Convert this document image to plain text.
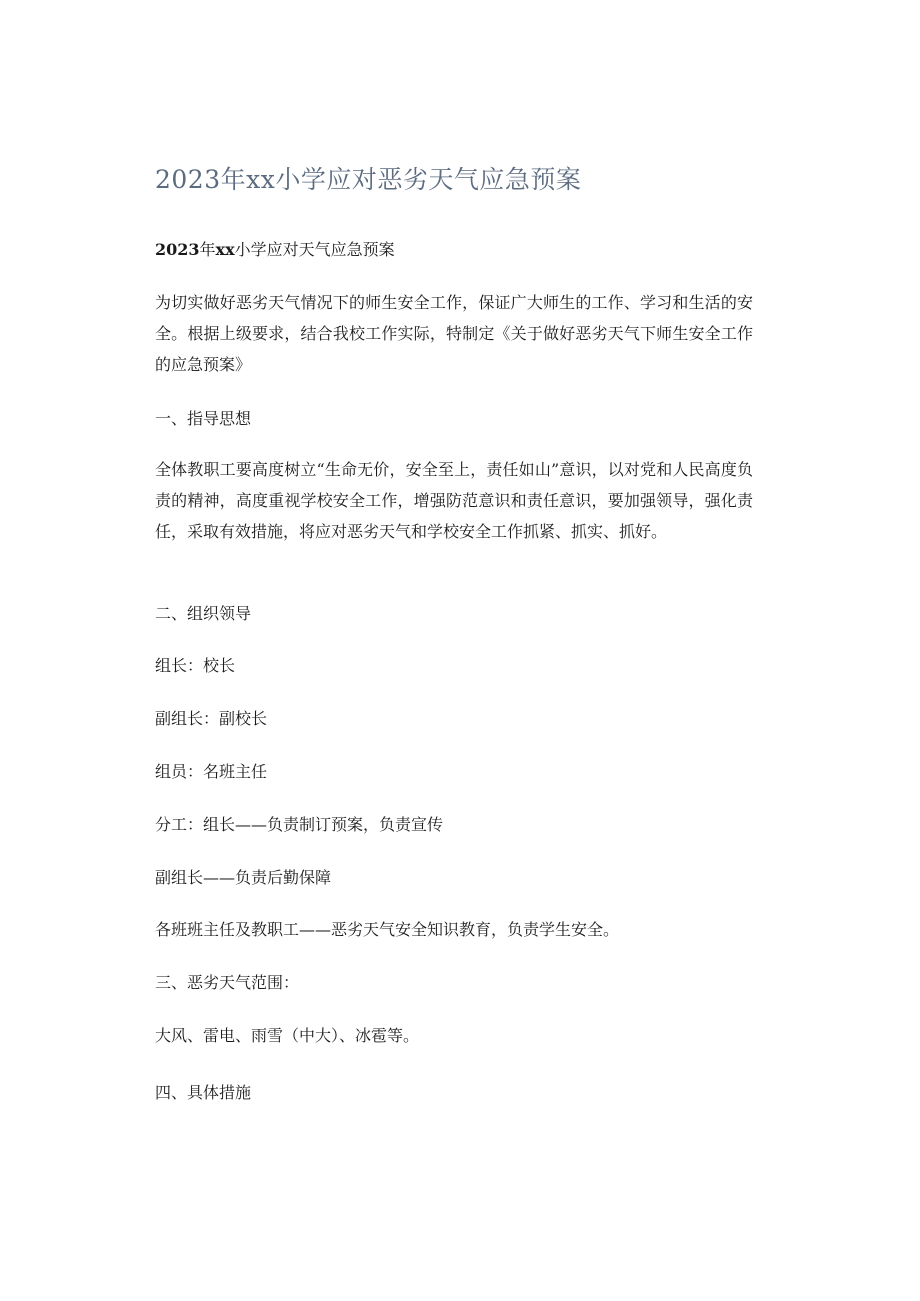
2023年xx小学应对恶劣天气应急预案
2023年xx小学应对天气应急预案
为切实做好恶劣天气情况下的师生安全工作，保证广大师生的工作、学习和生活的安全。根据上级要求，结合我校工作实际，特制定《关于做好恶劣天气下师生安全工作的应急预案》
一、指导思想
全体教职工要高度树立“生命无价，安全至上，责任如山”意识，以对党和人民高度负责的精神，高度重视学校安全工作，增强防范意识和责任意识，要加强领导，强化责任，采取有效措施，将应对恶劣天气和学校安全工作抓紧、抓实、抓好。
二、组织领导
组长：校长
副组长：副校长
组员：名班主任
分工：组长——负责制订预案，负责宣传
副组长——负责后勤保障
各班班主任及教职工——恶劣天气安全知识教育，负责学生安全。
三、恶劣天气范围：
大风、雷电、雨雪（中大）、冰雹等。
四、具体措施
